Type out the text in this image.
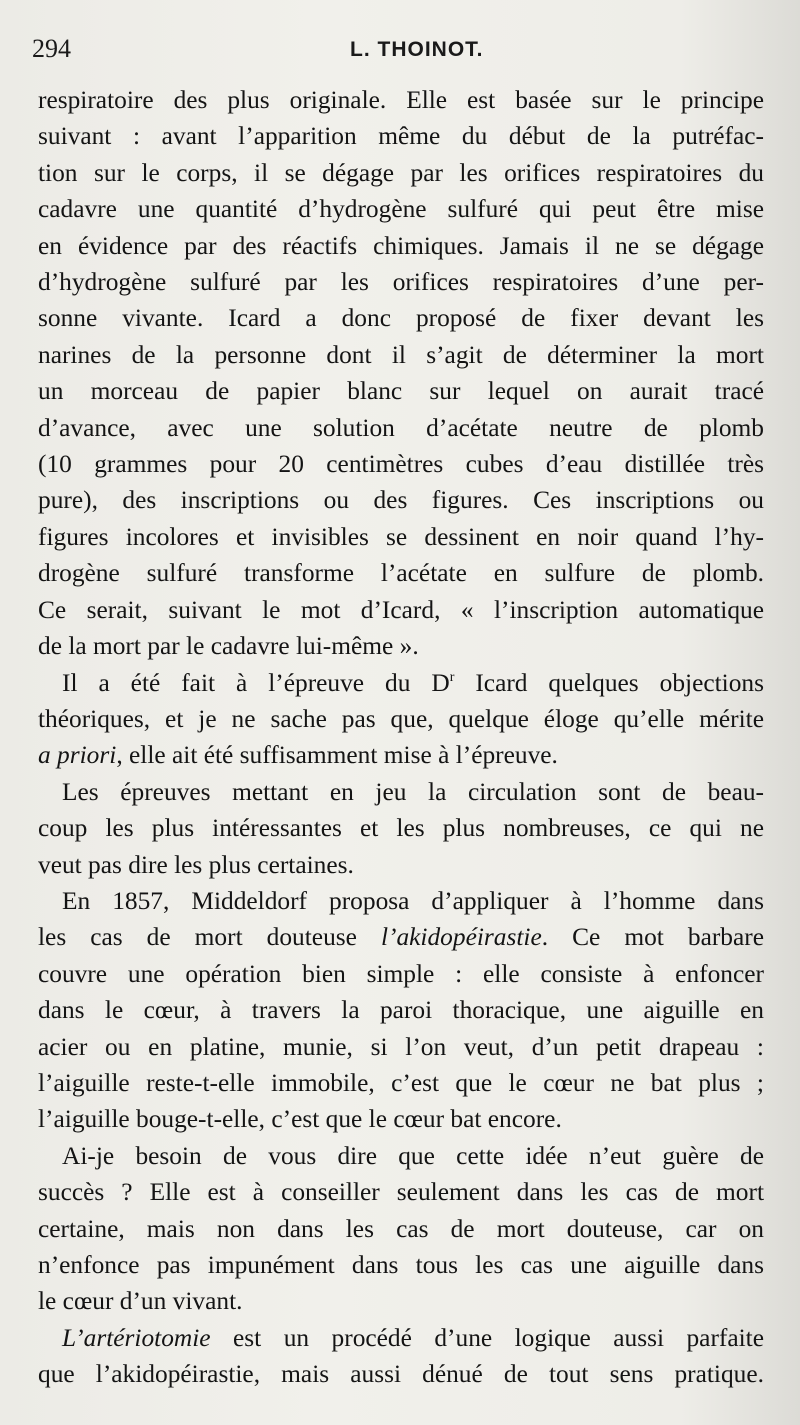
294	L. THOINOT.
respiratoire des plus originale. Elle est basée sur le principe
suivant : avant l’apparition même du début de la putréfac-
tion sur le corps, il se dégage par les orifices respiratoires du
cadavre une quantité d’hydrogène sulfuré qui peut être mise
en évidence par des réactifs chimiques. Jamais il ne se dégage
d’hydrogène sulfuré par les orifices respiratoires d’une per-
sonne vivante. Icard a donc proposé de fixer devant les
narines de la personne dont il s’agit de déterminer la mort
un morceau de papier blanc sur lequel on aurait tracé
d’avance, avec une solution d’acétate neutre de plomb
(10 grammes pour 20 centimètres cubes d’eau distillée très
pure), des inscriptions ou des figures. Ces inscriptions ou
figures incolores et invisibles se dessinent en noir quand l’hy-
drogène sulfuré transforme l’acétate en sulfure de plomb.
Ce serait, suivant le mot d’Icard, « l’inscription automatique
de la mort par le cadavre lui-même ».
Il a été fait à l’épreuve du $D^r$ Icard quelques objections
théoriques, et je ne sache pas que, quelque éloge qu’elle mérite
a priori, elle ait été suffisamment mise à l’épreuve.
Les épreuves mettant en jeu la circulation sont de beau-
coup les plus intéressantes et les plus nombreuses, ce qui ne
veut pas dire les plus certaines.
En 1857, Middeldorf proposa d’appliquer à l’homme dans
les cas de mort douteuse l’akidopéirastie. Ce mot barbare
couvre une opération bien simple : elle consiste à enfoncer
dans le cœur, à travers la paroi thoracique, une aiguille en
acier ou en platine, munie, si l’on veut, d’un petit drapeau :
l’aiguille reste-t-elle immobile, c’est que le cœur ne bat plus ;
l’aiguille bouge-t-elle, c’est que le cœur bat encore.
Ai-je besoin de vous dire que cette idée n’eut guère de
succès ? Elle est à conseiller seulement dans les cas de mort
certaine, mais non dans les cas de mort douteuse, car on
n’enfonce pas impunément dans tous les cas une aiguille dans
le cœur d’un vivant.
L’artériotomie est un procédé d’une logique aussi parfaite
que l’akidopéirastie, mais aussi dénué de tout sens pratique.
